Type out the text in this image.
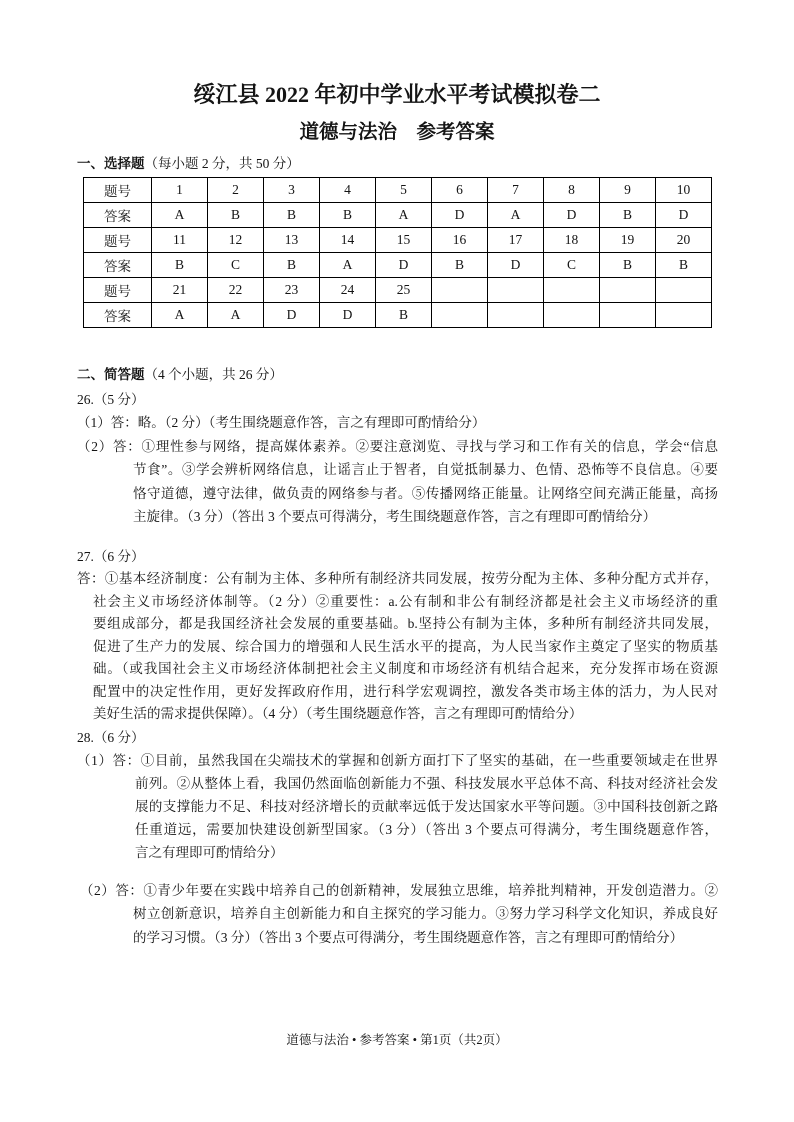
绥江县 2022 年初中学业水平考试模拟卷二
道德与法治　参考答案
一、选择题（每小题 2 分，共 50 分）
题号	1	2	3	4	5	6	7	8	9	10
答案	A	B	B	B	A	D	A	D	B	D
题号	11	12	13	14	15	16	17	18	19	20
答案	B	C	B	A	D	B	D	C	B	B
题号	21	22	23	24	25					
答案	A	A	D	D	B					
二、简答题（4 个小题，共 26 分）
26.（5 分）
（1）答：略。（2 分）（考生围绕题意作答，言之有理即可酌情给分）
（2）答：①理性参与网络，提高媒体素养。②要注意浏览、寻找与学习和工作有关的信息，学会“信息
节食”。③学会辨析网络信息，让谣言止于智者，自觉抵制暴力、色情、恐怖等不良信息。④要
恪守道德，遵守法律，做负责的网络参与者。⑤传播网络正能量。让网络空间充满正能量，高扬
主旋律。（3 分）（答出 3 个要点可得满分，考生围绕题意作答，言之有理即可酌情给分）
27.（6 分）
答：①基本经济制度：公有制为主体、多种所有制经济共同发展，按劳分配为主体、多种分配方式并存，
社会主义市场经济体制等。（2 分）②重要性：a.公有制和非公有制经济都是社会主义市场经济的重
要组成部分，都是我国经济社会发展的重要基础。b.坚持公有制为主体，多种所有制经济共同发展，
促进了生产力的发展、综合国力的增强和人民生活水平的提高，为人民当家作主奠定了坚实的物质基
础。（或我国社会主义市场经济体制把社会主义制度和市场经济有机结合起来，充分发挥市场在资源
配置中的决定性作用，更好发挥政府作用，进行科学宏观调控，激发各类市场主体的活力，为人民对
美好生活的需求提供保障）。（4 分）（考生围绕题意作答，言之有理即可酌情给分）
28.（6 分）
（1）答：①目前，虽然我国在尖端技术的掌握和创新方面打下了坚实的基础，在一些重要领域走在世界
前列。②从整体上看，我国仍然面临创新能力不强、科技发展水平总体不高、科技对经济社会发
展的支撑能力不足、科技对经济增长的贡献率远低于发达国家水平等问题。③中国科技创新之路
任重道远，需要加快建设创新型国家。（3 分）（答出 3 个要点可得满分，考生围绕题意作答，
言之有理即可酌情给分）
（2）答：①青少年要在实践中培养自己的创新精神，发展独立思维，培养批判精神，开发创造潜力。②
树立创新意识，培养自主创新能力和自主探究的学习能力。③努力学习科学文化知识，养成良好
的学习习惯。（3 分）（答出 3 个要点可得满分，考生围绕题意作答，言之有理即可酌情给分）
道德与法治 • 参考答案 • 第1页（共2页）
